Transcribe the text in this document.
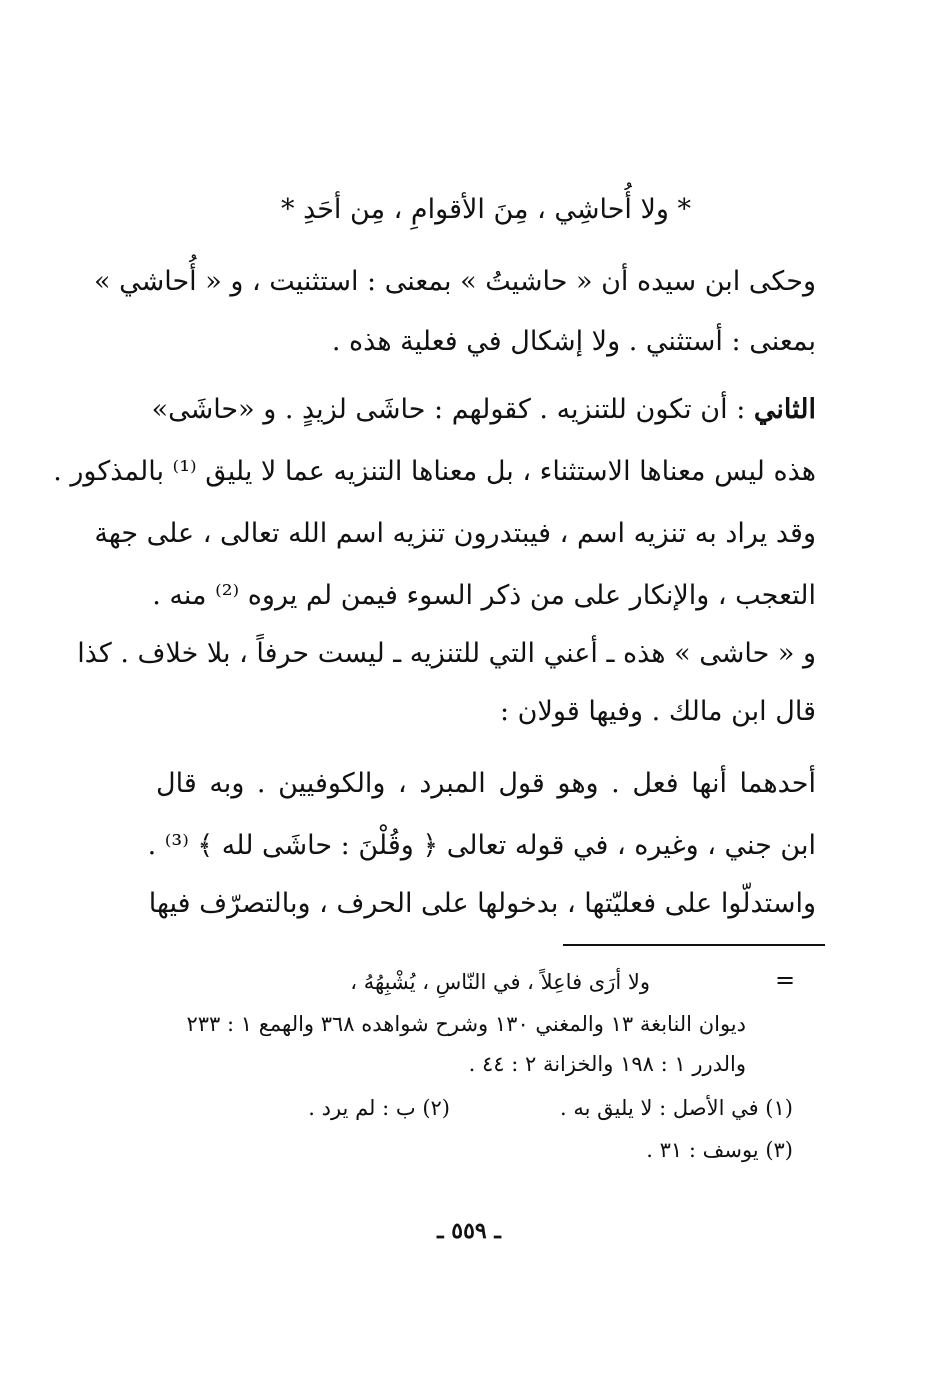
* ولا أُحاشِي ، مِنَ الأقوامِ ، مِن أحَدِ *
وحكى ابن سيده أن « حاشيتُ » بمعنى : استثنيت ، و « أُحاشي »
بمعنى : أستثني . ولا إشكال في فعلية هذه .
الثاني : أن تكون للتنزيه . كقولهم : حاشَى لزيدٍ . و «حاشَى»
هذه ليس معناها الاستثناء ، بل معناها التنزيه عما لا يليق ⁽¹⁾ بالمذكور .
وقد يراد به تنزيه اسم ، فيبتدرون تنزيه اسم الله تعالى ، على جهة
التعجب ، والإنكار على من ذكر السوء فيمن لم يروه ⁽²⁾ منه .
و « حاشى » هذه ـ أعني التي للتنزيه ـ ليست حرفاً ، بلا خلاف . كذا
قال ابن مالك . وفيها قولان :
أحدهما أنها فعل . وهو قول المبرد ، والكوفيين . وبه قال
ابن جني ، وغيره ، في قوله تعالى ﴿ وقُلْنَ : حاشَى لله ﴾ ⁽³⁾ .
واستدلّوا على فعليّتها ، بدخولها على الحرف ، وبالتصرّف فيها
=
ولا أرَى فاعِلاً ، في النّاسِ ، يُشْبِهُهُ ،
ديوان النابغة ١٣ والمغني ١٣٠ وشرح شواهده ٣٦٨ والهمع ١ : ٢٣٣
والدرر ١ : ١٩٨ والخزانة ٢ : ٤٤ .
(١) في الأصل : لا يليق به .
(٢) ب : لم يرد .
(٣) يوسف : ٣١ .
ـ ٥٥٩ ـ
